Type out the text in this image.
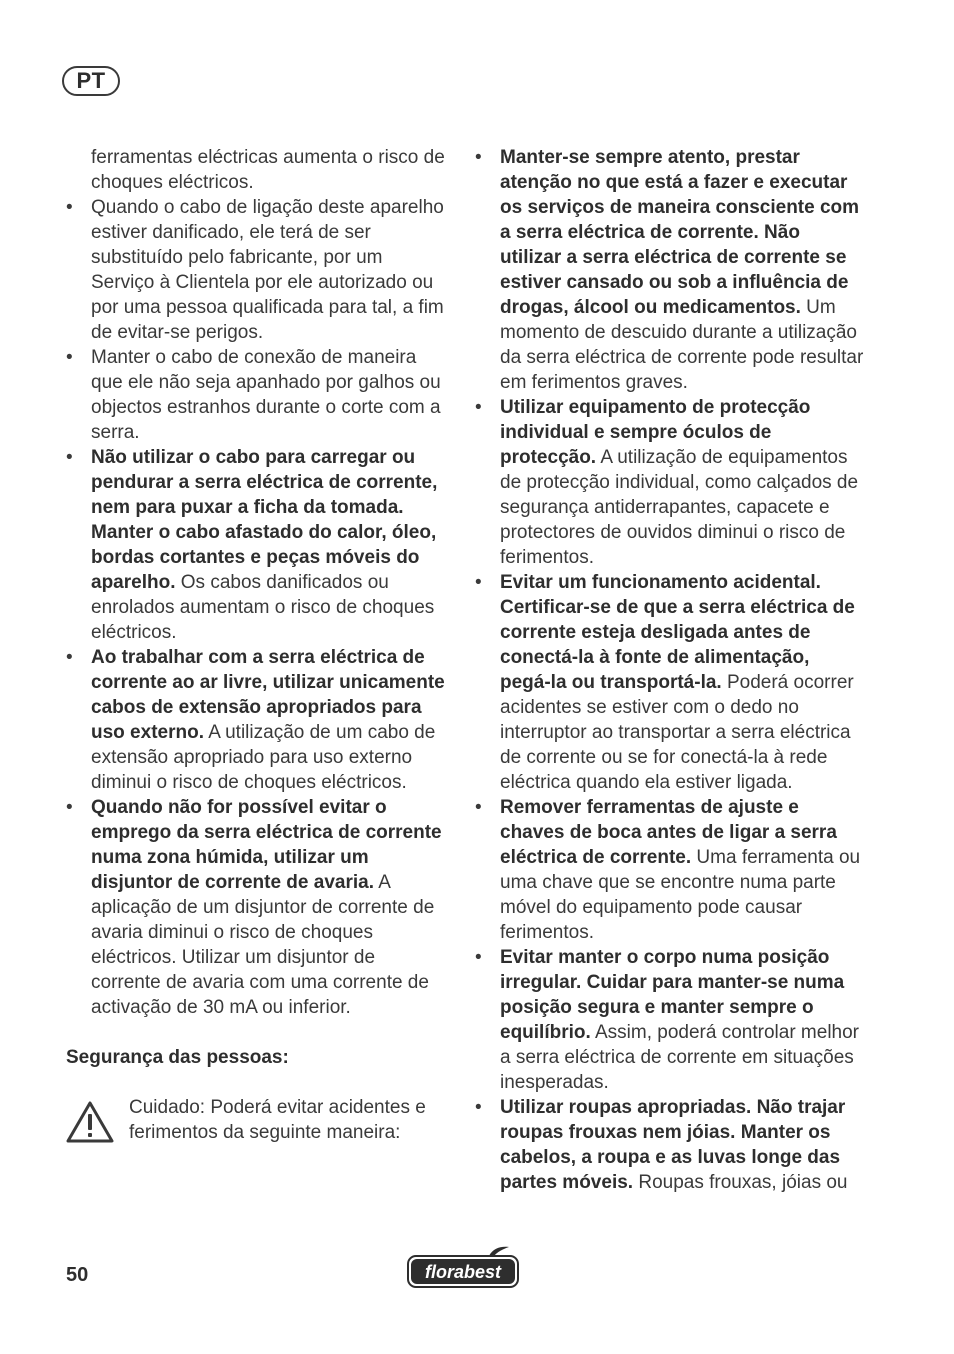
PT

ferramentas eléctricas aumenta o risco de choques eléctricos.

• Quando o cabo de ligação deste aparelho estiver danificado, ele terá de ser substituído pelo fabricante, por um Serviço à Clientela por ele autorizado ou por uma pessoa qualificada para tal, a fim de evitar-se perigos.
• Manter o cabo de conexão de maneira que ele não seja apanhado por galhos ou objectos estranhos durante o corte com a serra.
• Não utilizar o cabo para carregar ou pendurar a serra eléctrica de corrente, nem para puxar a ficha da tomada. Manter o cabo afastado do calor, óleo, bordas cortantes e peças móveis do aparelho. Os cabos danificados ou enrolados aumentam o risco de choques eléctricos.
• Ao trabalhar com a serra eléctrica de corrente ao ar livre, utilizar unicamente cabos de extensão apropriados para uso externo. A utilização de um cabo de extensão apropriado para uso externo diminui o risco de choques eléctricos.
• Quando não for possível evitar o emprego da serra eléctrica de corrente numa zona húmida, utilizar um disjuntor de corrente de avaria. A aplicação de um disjuntor de corrente de avaria diminui o risco de choques eléctricos. Utilizar um disjuntor de corrente de avaria com uma corrente de activação de 30 mA ou inferior.

Segurança das pessoas:

Cuidado: Poderá evitar acidentes e ferimentos da seguinte maneira:
• Manter-se sempre atento, prestar atenção no que está a fazer e executar os serviços de maneira consciente com a serra eléctrica de corrente. Não utilizar a serra eléctrica de corrente se estiver cansado ou sob a influência de drogas, álcool ou medicamentos. Um momento de descuido durante a utilização da serra eléctrica de corrente pode resultar em ferimentos graves.
• Utilizar equipamento de protecção individual e sempre óculos de protecção. A utilização de equipamentos de protecção individual, como calçados de segurança antiderrapantes, capacete e protectores de ouvidos diminui o risco de ferimentos.
• Evitar um funcionamento acidental. Certificar-se de que a serra eléctrica de corrente esteja desligada antes de conectá-la à fonte de alimentação, pegá-la ou transportá-la. Poderá ocorrer acidentes se estiver com o dedo no interruptor ao transportar a serra eléctrica de corrente ou se for conectá-la à rede eléctrica quando ela estiver ligada.
• Remover ferramentas de ajuste e chaves de boca antes de ligar a serra eléctrica de corrente. Uma ferramenta ou uma chave que se encontre numa parte móvel do equipamento pode causar ferimentos.
• Evitar manter o corpo numa posição irregular. Cuidar para manter-se numa posição segura e manter sempre o equilíbrio. Assim, poderá controlar melhor a serra eléctrica de corrente em situações inesperadas.
• Utilizar roupas apropriadas. Não trajar roupas frouxas nem jóias. Manter os cabelos, a roupa e as luvas longe das partes móveis. Roupas frouxas, jóias ou
50	florabest
